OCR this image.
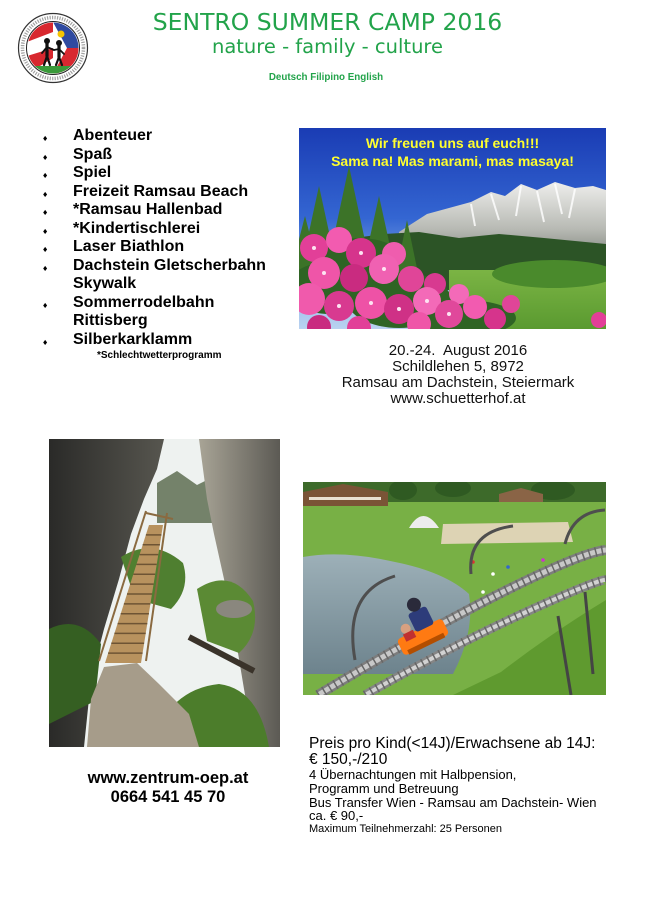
SENTRO SUMMER CAMP 2016
nature - family - culture
Deutsch Filipino English
♦
Abenteuer
♦
Spaß
♦
Spiel
♦
Freizeit Ramsau Beach
♦
*Ramsau Hallenbad
♦
*Kindertischlerei
♦
Laser Biathlon
♦
Dachstein Gletscherbahn
Skywalk
♦
Sommerrodelbahn
Rittisberg
♦
Silberkarklamm
*Schlechtwetterprogramm
Wir freuen uns auf euch!!!
Sama na! Mas marami, mas masaya!
20.-24.  August 2016
Schildlehen 5, 8972
Ramsau am Dachstein, Steiermark
www.schuetterhof.at
www.zentrum-oep.at
0664 541 45 70
Preis pro Kind(<14J)/Erwachsene ab 14J:
€ 150,-/210
4 Übernachtungen mit Halbpension,
Programm und Betreuung
Bus Transfer Wien - Ramsau am Dachstein- Wien
ca. € 90,-
Maximum Teilnehmerzahl: 25 Personen
